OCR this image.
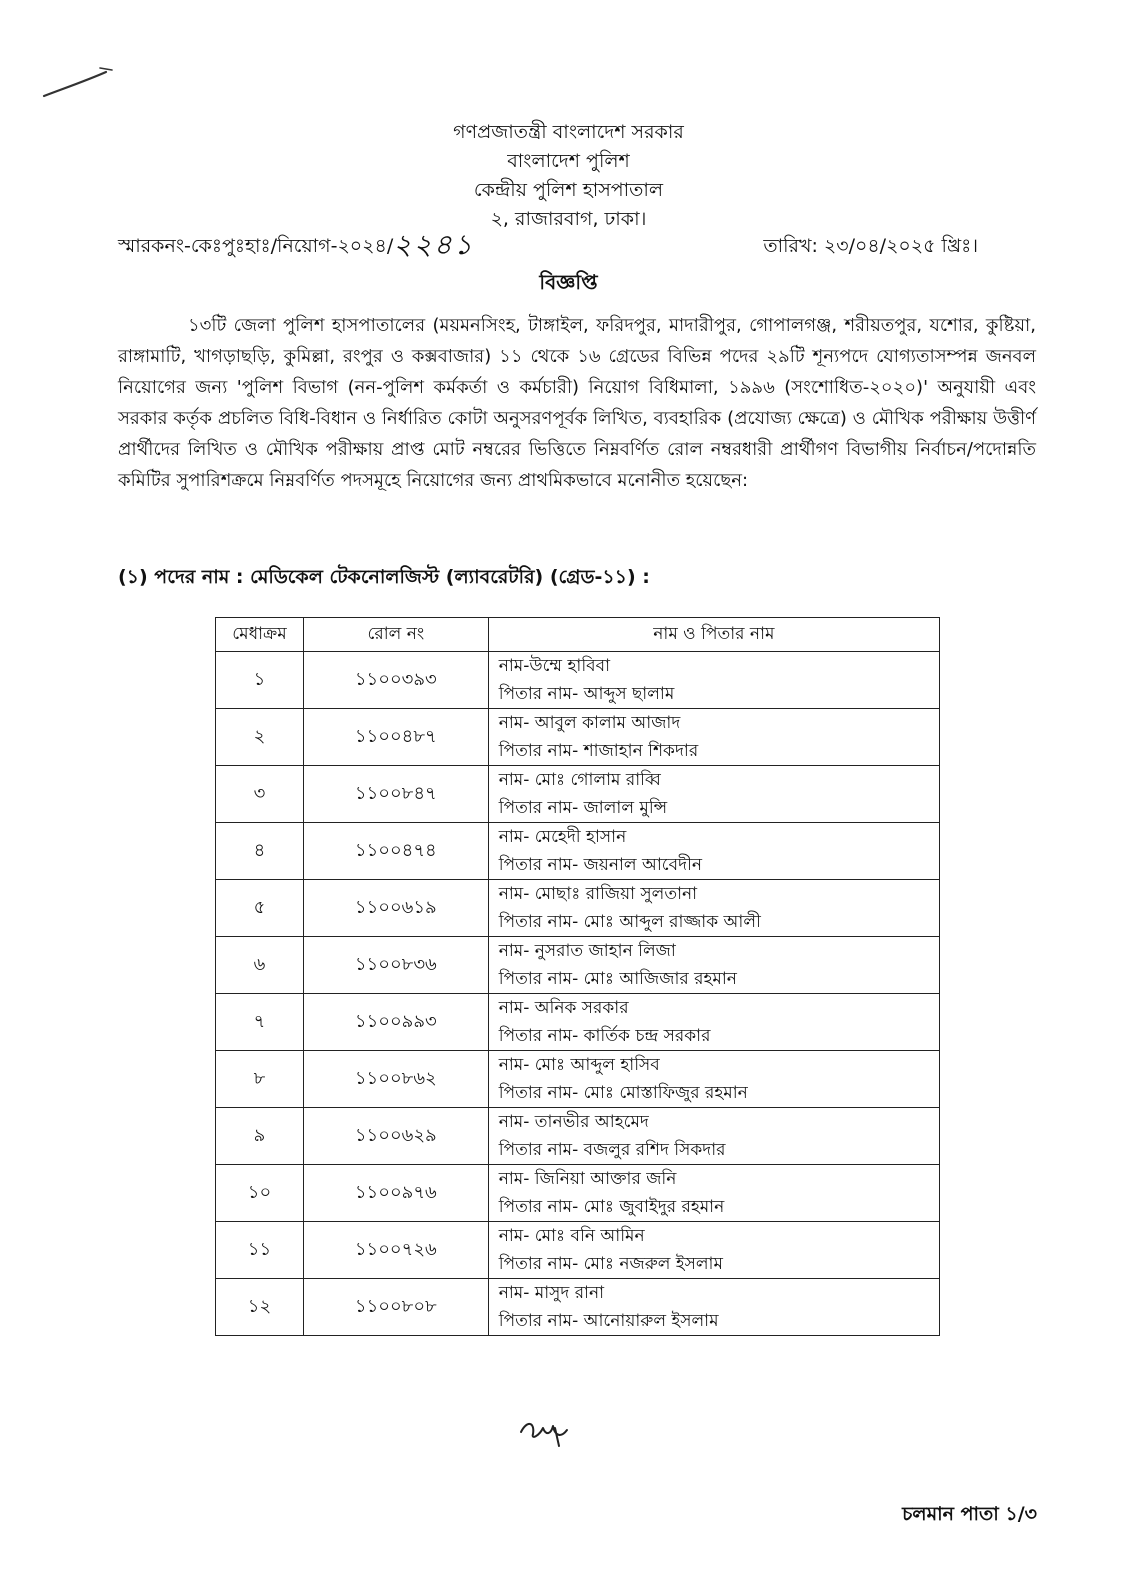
গণপ্রজাতন্ত্রী বাংলাদেশ সরকার
বাংলাদেশ পুলিশ
কেন্দ্রীয় পুলিশ হাসপাতাল
২, রাজারবাগ, ঢাকা।
স্মারকনং-কেঃপুঃহাঃ/নিয়োগ-২০২৪/২২৪১	তারিখ: ২৩/০৪/২০২৫ খ্রিঃ।
বিজ্ঞপ্তি
১৩টি জেলা পুলিশ হাসপাতালের (ময়মনসিংহ, টাঙ্গাইল, ফরিদপুর, মাদারীপুর, গোপালগঞ্জ, শরীয়তপুর, যশোর, কুষ্টিয়া, রাঙ্গামাটি, খাগড়াছড়ি, কুমিল্লা, রংপুর ও কক্সবাজার) ১১ থেকে ১৬ গ্রেডের বিভিন্ন পদের ২৯টি শূন্যপদে যোগ্যতাসম্পন্ন জনবল নিয়োগের জন্য 'পুলিশ বিভাগ (নন-পুলিশ কর্মকর্তা ও কর্মচারী) নিয়োগ বিধিমালা, ১৯৯৬ (সংশোধিত-২০২০)' অনুযায়ী এবং সরকার কর্তৃক প্রচলিত বিধি-বিধান ও নির্ধারিত কোটা অনুসরণপূর্বক লিখিত, ব্যবহারিক (প্রযোজ্য ক্ষেত্রে) ও মৌখিক পরীক্ষায় উত্তীর্ণ প্রার্থীদের লিখিত ও মৌখিক পরীক্ষায় প্রাপ্ত মোট নম্বরের ভিত্তিতে নিম্নবর্ণিত রোল নম্বরধারী প্রার্থীগণ বিভাগীয় নির্বাচন/পদোন্নতি কমিটির সুপারিশক্রমে নিম্নবর্ণিত পদসমূহে নিয়োগের জন্য প্রাথমিকভাবে মনোনীত হয়েছেন:
(১) পদের নাম : মেডিকেল টেকনোলজিস্ট (ল্যাবরেটরি) (গ্রেড-১১) :
মেধাক্রম	রোল নং	নাম ও পিতার নাম
১	১১০০৩৯৩	নাম-উম্মে হাবিবা
পিতার নাম- আব্দুস ছালাম

২	১১০০৪৮৭	নাম- আবুল কালাম আজাদ
পিতার নাম- শাজাহান শিকদার

৩	১১০০৮৪৭	নাম- মোঃ গোলাম রাব্বি
পিতার নাম- জালাল মুন্সি

৪	১১০০৪৭৪	নাম- মেহেদী হাসান
পিতার নাম- জয়নাল আবেদীন

৫	১১০০৬১৯	নাম- মোছাঃ রাজিয়া সুলতানা
পিতার নাম- মোঃ আব্দুল রাজ্জাক আলী

৬	১১০০৮৩৬	নাম- নুসরাত জাহান লিজা
পিতার নাম- মোঃ আজিজার রহমান

৭	১১০০৯৯৩	নাম- অনিক সরকার
পিতার নাম- কার্তিক চন্দ্র সরকার

৮	১১০০৮৬২	নাম- মোঃ আব্দুল হাসিব
পিতার নাম- মোঃ মোস্তাফিজুর রহমান

৯	১১০০৬২৯	নাম- তানভীর আহমেদ
পিতার নাম- বজলুর রশিদ সিকদার

১০	১১০০৯৭৬	নাম- জিনিয়া আক্তার জনি
পিতার নাম- মোঃ জুবাইদুর রহমান

১১	১১০০৭২৬	নাম- মোঃ বনি আমিন
পিতার নাম- মোঃ নজরুল ইসলাম

১২	১১০০৮০৮	নাম- মাসুদ রানা
পিতার নাম- আনোয়ারুল ইসলাম
চলমান পাতা ১/৩
